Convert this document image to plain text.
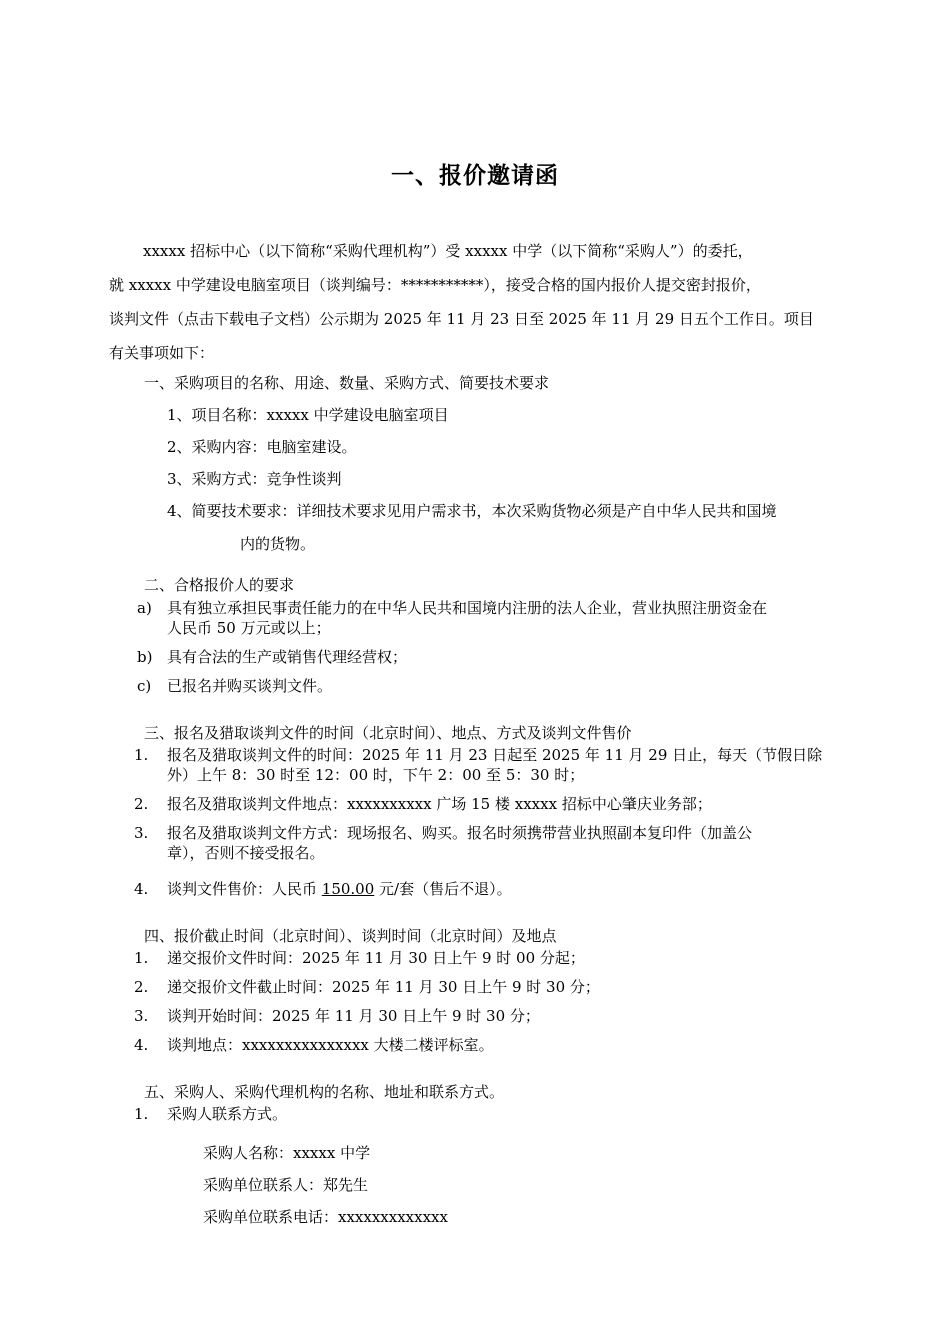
一、报价邀请函

xxxxx 招标中心（以下简称“采购代理机构”）受 xxxxx 中学（以下简称“采购人”）的委托，

就 xxxxx 中学建设电脑室项目（谈判编号：***********），接受合格的国内报价人提交密封报价，

谈判文件（点击下载电子文档）公示期为 2025 年 11 月 23 日至 2025 年 11 月 29 日五个工作日。项目

有关事项如下：

一、采购项目的名称、用途、数量、采购方式、简要技术要求
1、项目名称：xxxxx 中学建设电脑室项目
2、采购内容：电脑室建设。
3、采购方式：竞争性谈判
4、简要技术要求：详细技术要求见用户需求书，本次采购货物必须是产自中华人民共和国境
内的货物。
二、合格报价人的要求
a)	具有独立承担民事责任能力的在中华人民共和国境内注册的法人企业，营业执照注册资金在
人民币 50 万元或以上；
b) 具有合法的生产或销售代理经营权；
c)	已报名并购买谈判文件。
三、报名及猎取谈判文件的时间（北京时间）、地点、方式及谈判文件售价
1.	报名及猎取谈判文件的时间：2025 年 11 月 23 日起至 2025 年 11 月 29 日止，每天（节假日除
外）上午 8：30 时至 12：00 时，下午 2：00 至 5：30 时；
2.	报名及猎取谈判文件地点：xxxxxxxxxx 广场 15 楼 xxxxx 招标中心肇庆业务部；
3.	报名及猎取谈判文件方式：现场报名、购买。报名时须携带营业执照副本复印件（加盖公
章），否则不接受报名。
4.	谈判文件售价：人民币 150.00 元/套（售后不退）。
四、报价截止时间（北京时间）、谈判时间（北京时间）及地点
1.	递交报价文件时间：2025 年 11 月 30 日上午 9 时 00 分起；
2.	递交报价文件截止时间：2025 年 11 月 30 日上午 9 时 30 分；
3.	谈判开始时间：2025 年 11 月 30 日上午 9 时 30 分；
4.	谈判地点：xxxxxxxxxxxxxxx 大楼二楼评标室。
五、采购人、采购代理机构的名称、地址和联系方式。
1.	采购人联系方式。
采购人名称：xxxxx 中学
采购单位联系人：郑先生
采购单位联系电话：xxxxxxxxxxxxx
